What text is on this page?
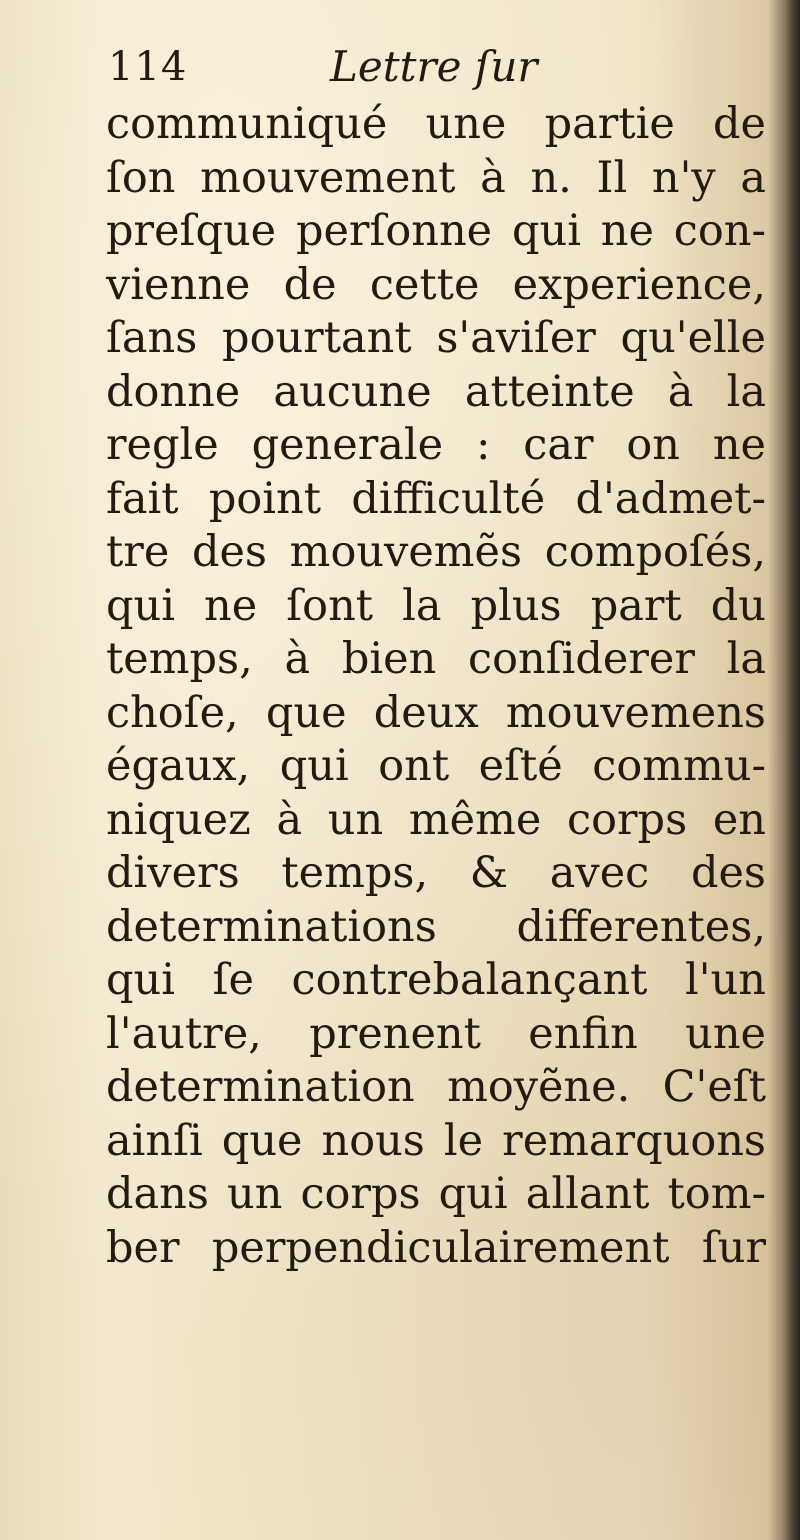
114	Lettre ſur
communiqué une partie de
ſon mouvement à n. Il n'y a
preſque perſonne qui ne con-
vienne de cette experience,
ſans pourtant s'aviſer qu'elle
donne aucune atteinte à la
regle generale : car on ne
fait point difficulté d'admet-
tre des mouvemẽs compoſés,
qui ne ſont la plus part du
temps, à bien conſiderer la
choſe, que deux mouvemens
égaux, qui ont eſté commu-
niquez à un même corps en
divers temps, & avec des
determinations differentes,
qui ſe contrebalançant l'un
l'autre, prenent enfin une
determination moyẽne. C'eſt
ainſi que nous le remarquons
dans un corps qui allant tom-
ber perpendiculairement ſur
